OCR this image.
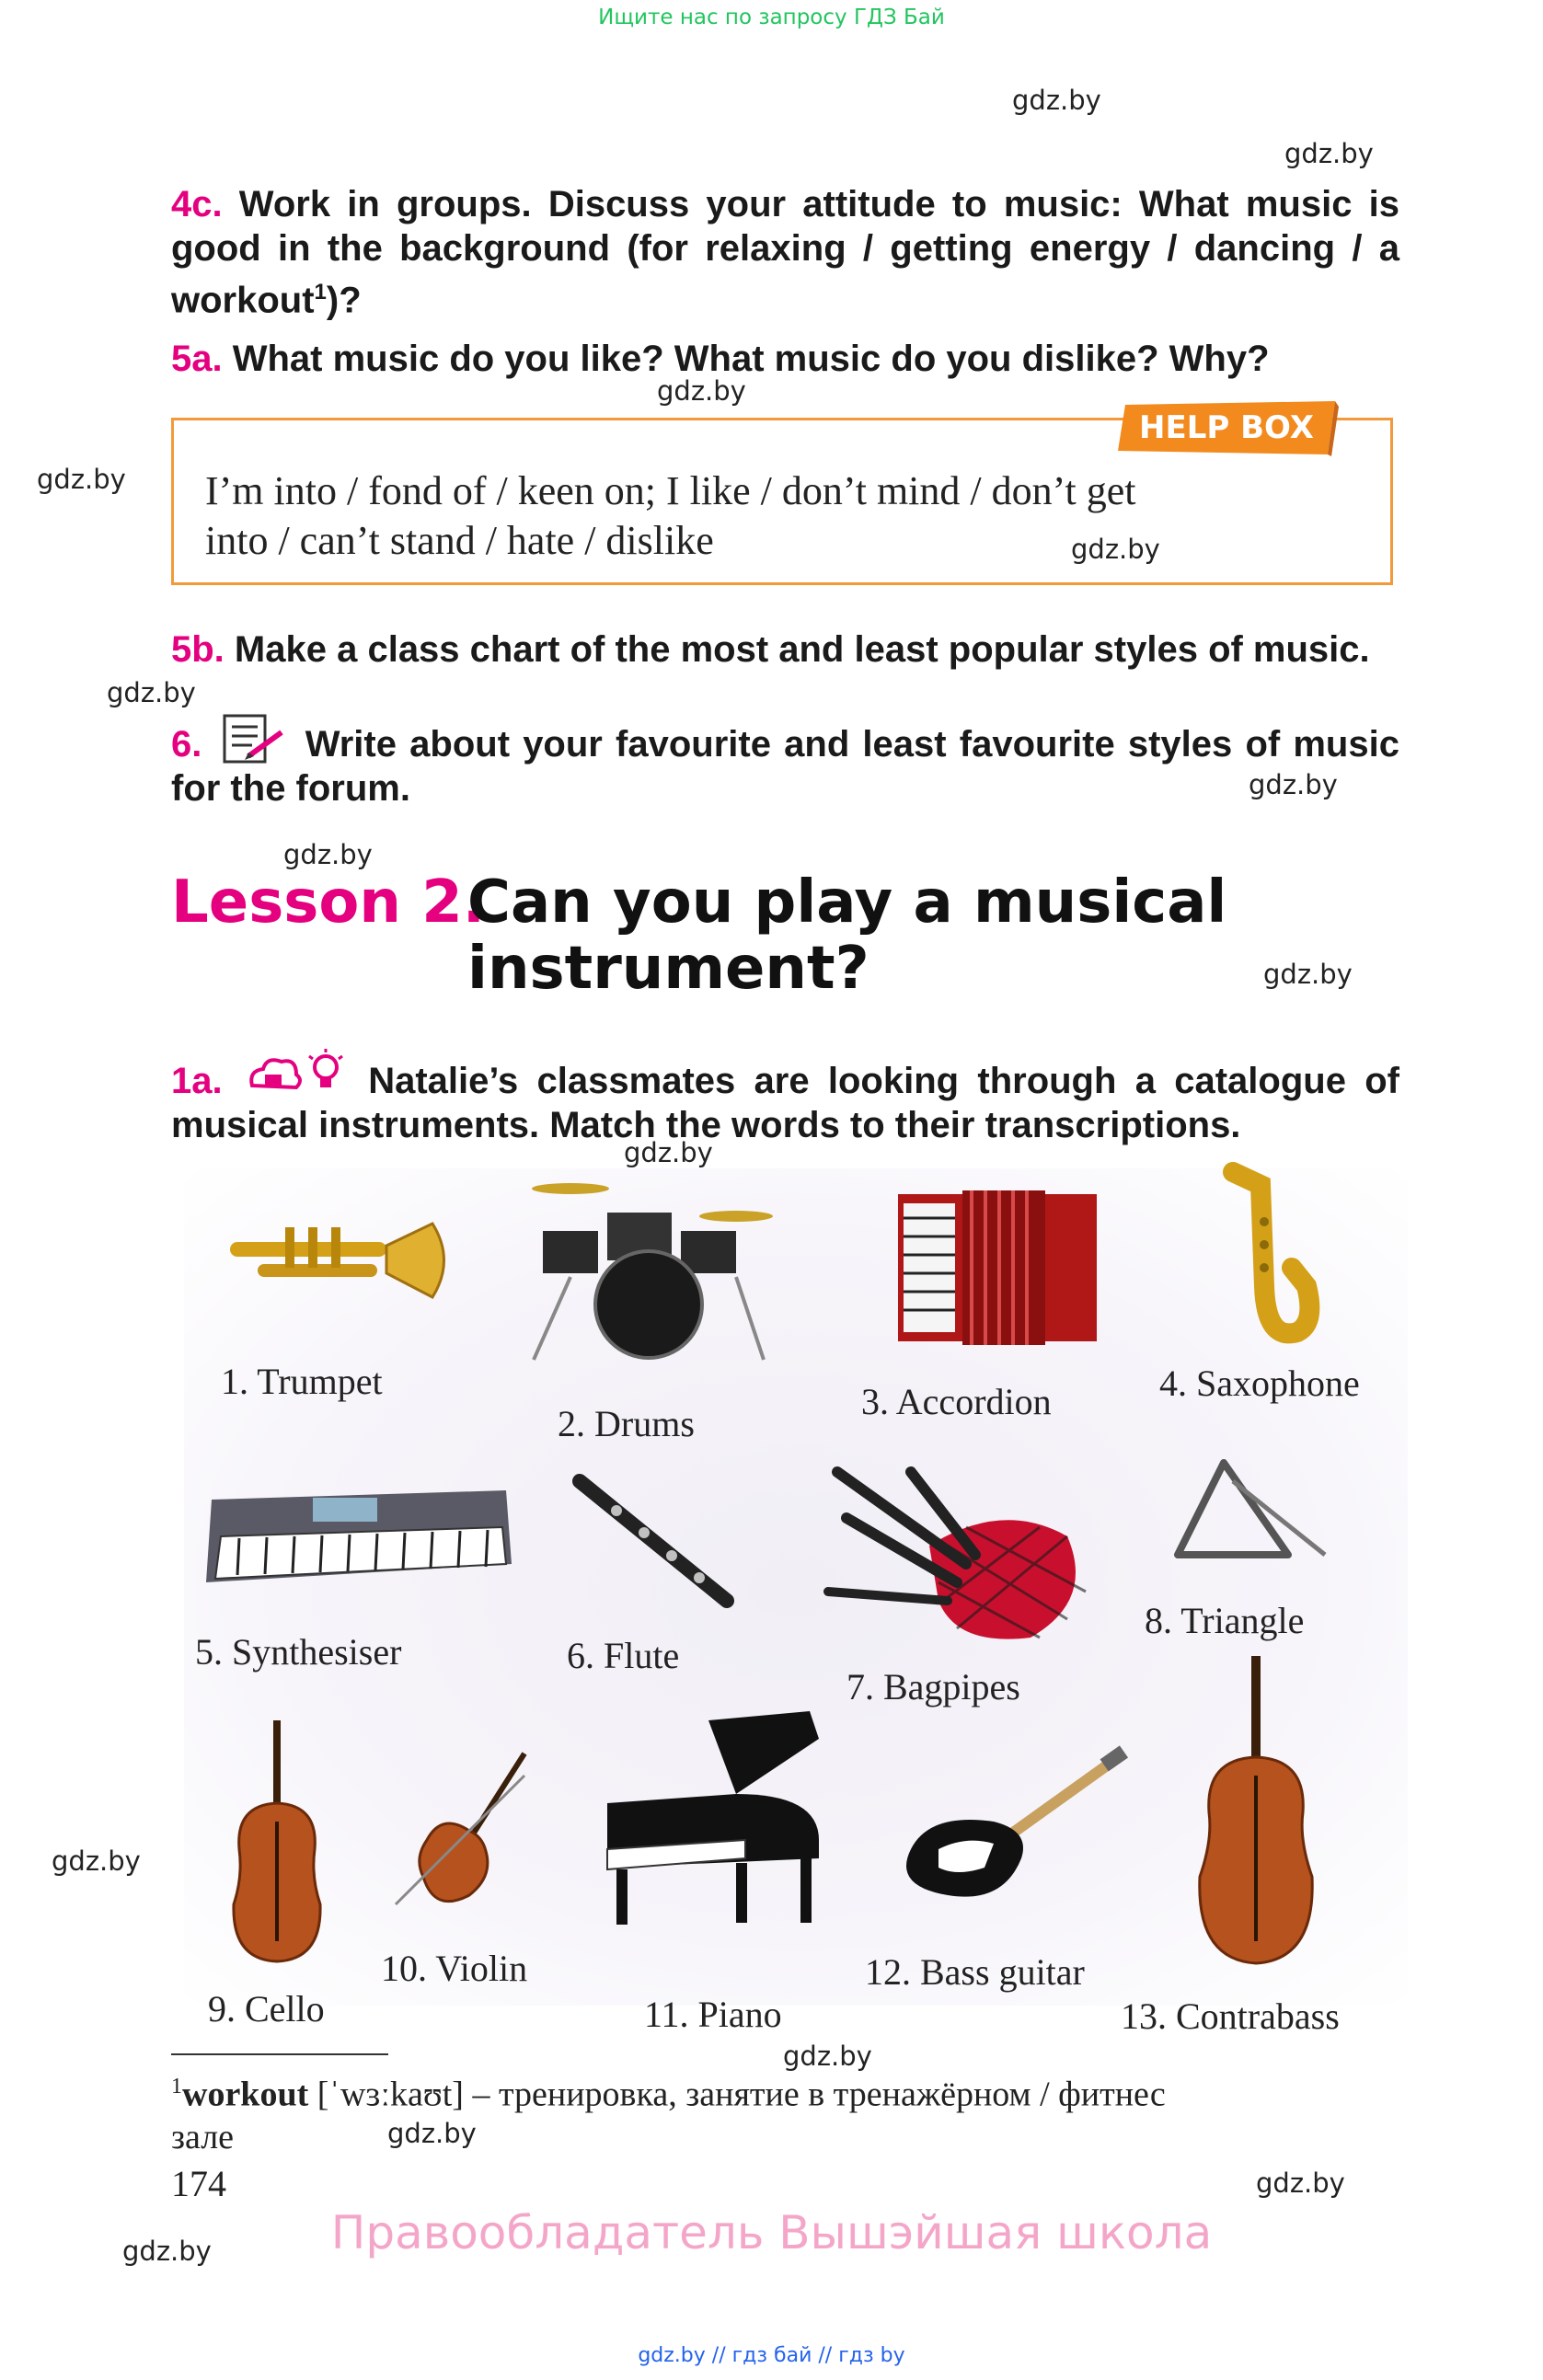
Ищите нас по запросу ГДЗ Бай
gdz.by
gdz.by
gdz.by
gdz.by
gdz.by
gdz.by
gdz.by
gdz.by
gdz.by
gdz.by
gdz.by
gdz.by
gdz.by
gdz.by
gdz.by
4c. Work in groups. Discuss your attitude to music: What music is good in the background (for relaxing / getting energy / dancing / a workout$^1$)?
5a. What music do you like? What music do you dislike? Why?
I’m into / fond of / keen on; I like / don’t mind / don’t get
into / can’t stand / hate / dislike
HELP BOX
5b. Make a class chart of the most and least popular styles of music.
6.	Write about your favourite and least favourite styles of music for the forum.
Lesson 2.
Can you play a musical
instrument?
1a.	Natalie’s classmates are looking through a catalogue of musical instruments. Match the words to their transcriptions.
1. Trumpet
2. Drums
3. Accordion	4. Saxophone
5. Synthesiser	6. Flute
7. Bagpipes
8. Triangle
9. Cello
10. Violin
11. Piano
12. Bass guitar
13. Contrabass
$^1$workout [ˈwɜːkaʊt] – тренировка, занятие в тренажёрном / фитнес
зале
174
Правообладатель Вышэйшая школа
gdz.by // гдз бай // гдз by
